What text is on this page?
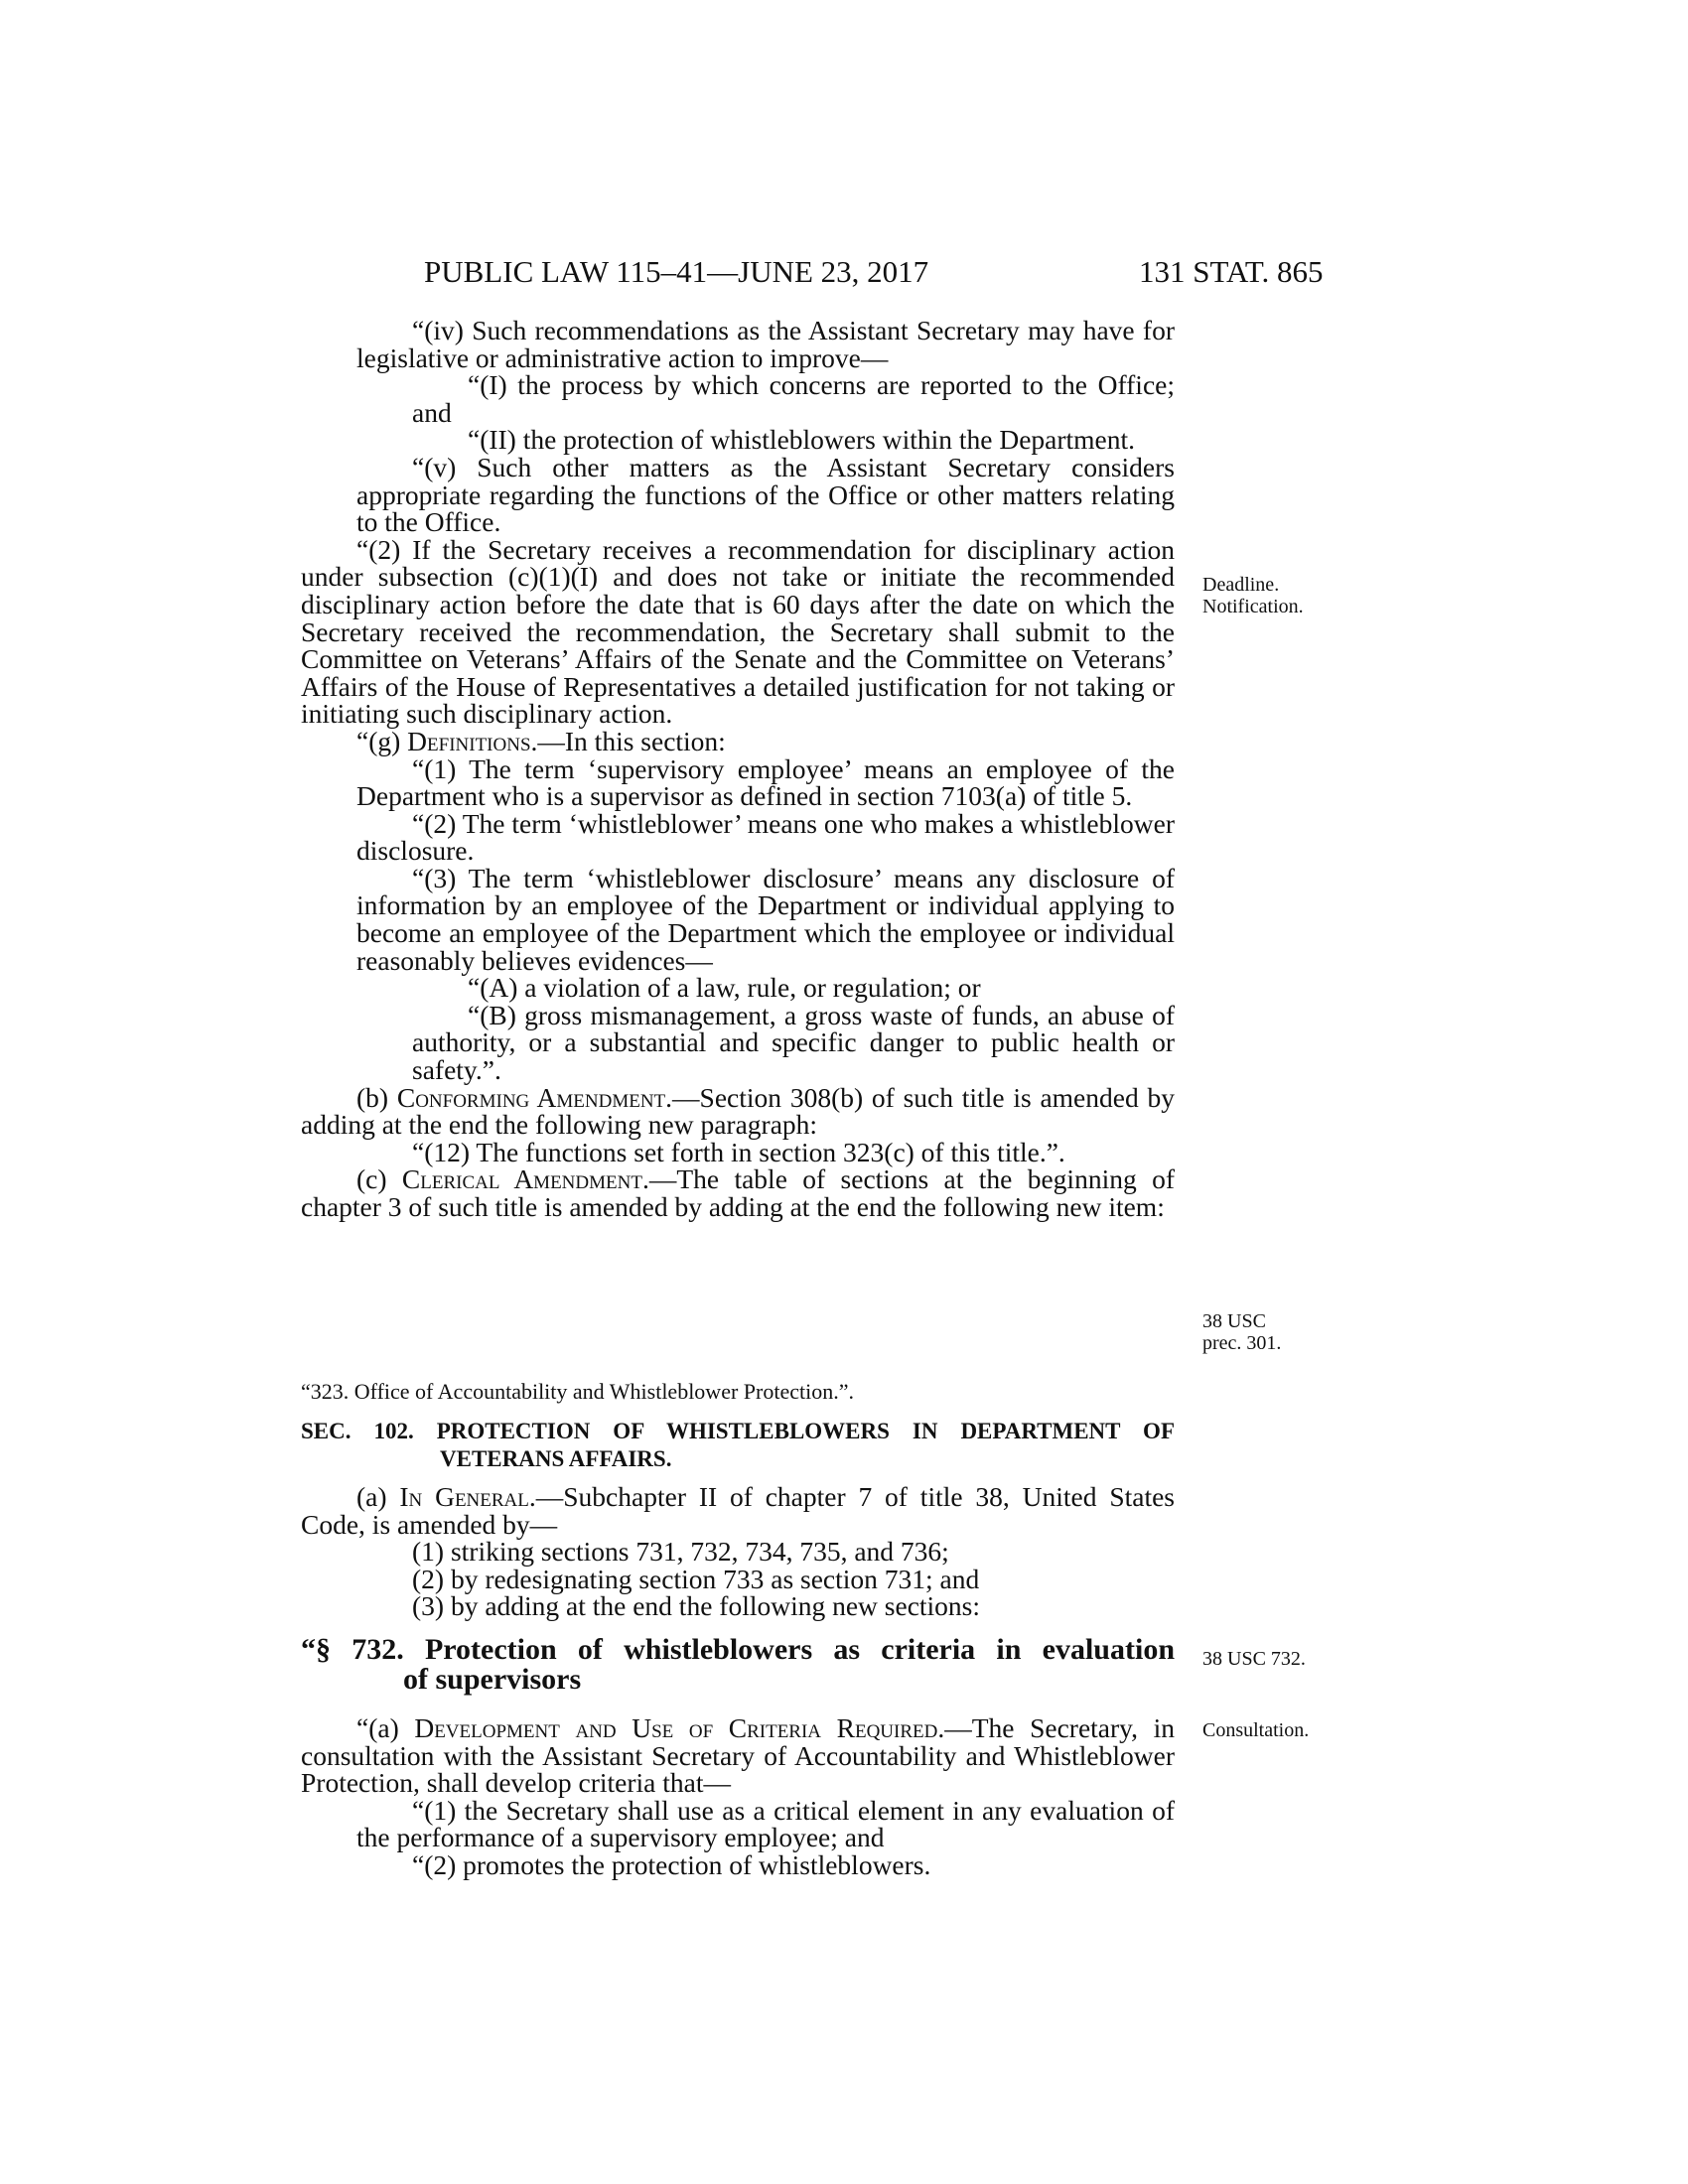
PUBLIC LAW 115–41—JUNE 23, 2017	131 STAT. 865

“(iv) Such recommendations as the Assistant Secretary may have for legislative or administrative action to improve—

“(I) the process by which concerns are reported to the Office; and

“(II) the protection of whistleblowers within the Department.

“(v) Such other matters as the Assistant Secretary considers appropriate regarding the functions of the Office or other matters relating to the Office.

“(2) If the Secretary receives a recommendation for disciplinary action under subsection (c)(1)(I) and does not take or initiate the recommended disciplinary action before the date that is 60 days after the date on which the Secretary received the recommendation, the Secretary shall submit to the Committee on Veterans’ Affairs of the Senate and the Committee on Veterans’ Affairs of the House of Representatives a detailed justification for not taking or initiating such disciplinary action.

“(g) Definitions.—In this section:

“(1) The term ‘supervisory employee’ means an employee of the Department who is a supervisor as defined in section 7103(a) of title 5.

“(2) The term ‘whistleblower’ means one who makes a whistleblower disclosure.

“(3) The term ‘whistleblower disclosure’ means any disclosure of information by an employee of the Department or individual applying to become an employee of the Department which the employee or individual reasonably believes evidences—

“(A) a violation of a law, rule, or regulation; or

“(B) gross mismanagement, a gross waste of funds, an abuse of authority, or a substantial and specific danger to public health or safety.”.

(b) Conforming Amendment.—Section 308(b) of such title is amended by adding at the end the following new paragraph:

“(12) The functions set forth in section 323(c) of this title.”.

(c) Clerical Amendment.—The table of sections at the beginning of chapter 3 of such title is amended by adding at the end the following new item:

“323. Office of Accountability and Whistleblower Protection.”.
SEC. 102. PROTECTION OF WHISTLEBLOWERS IN DEPARTMENT OF
VETERANS AFFAIRS.

(a) In General.—Subchapter II of chapter 7 of title 38, United States Code, is amended by—

(1) striking sections 731, 732, 734, 735, and 736;

(2) by redesignating section 733 as section 731; and

(3) by adding at the end the following new sections:

“§ 732. Protection of whistleblowers as criteria in evaluation
of supervisors

“(a) Development and Use of Criteria Required.—The Secretary, in consultation with the Assistant Secretary of Accountability and Whistleblower Protection, shall develop criteria that—

“(1) the Secretary shall use as a critical element in any evaluation of the performance of a supervisory employee; and

“(2) promotes the protection of whistleblowers.

Deadline.
Notification.
38 USC
prec. 301.
38 USC 732.
Consultation.
